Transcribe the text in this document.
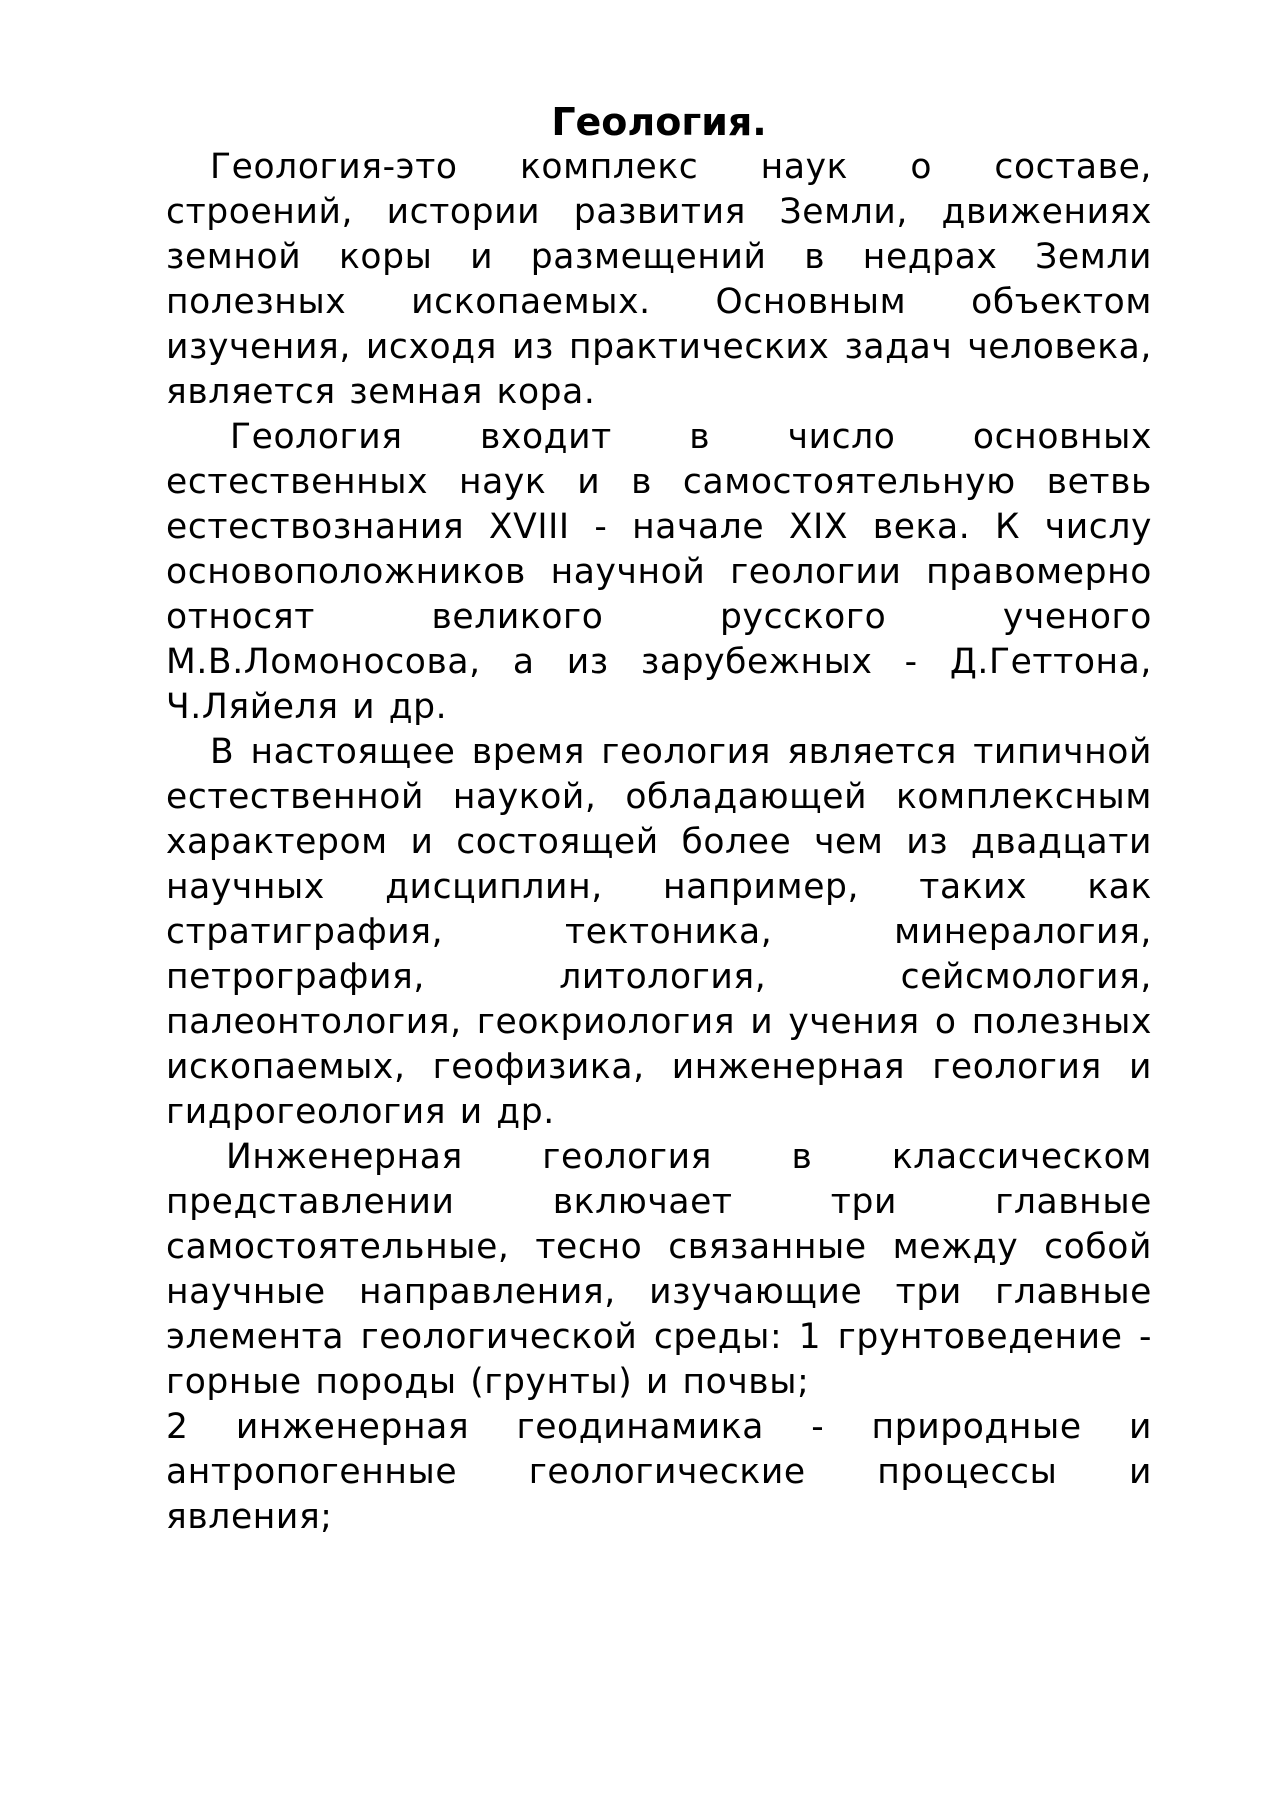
Геология.

Геология-это комплекс наук о составе, строений, истории развития Земли, движениях земной коры и размещений в недрах Земли полезных ископаемых. Основным объектом изучения, исходя из практических задач человека, является земная кора.

Геология входит в число основных естественных наук и в самостоятельную ветвь естествознания XVIII - начале XIX века. К числу основоположников научной геологии правомерно относят великого русского ученого М.В.Ломоносова, а из зарубежных - Д.Геттона, Ч.Ляйеля и др.

В настоящее время геология является типичной естественной наукой, обладающей комплексным характером и состоящей более чем из двадцати научных дисциплин, например, таких как стратиграфия, тектоника, минералогия, петрография, литология, сейсмология, палеонтология, геокриология и учения о полезных ископаемых, геофизика, инженерная геология и гидрогеология и др.

Инженерная геология в классическом представлении включает три главные самостоятельные, тесно связанные между собой научные направления, изучающие три главные элемента геологической среды: 1 грунтоведение - горные породы (грунты) и почвы;

2 инженерная геодинамика - природные и антропогенные геологические процессы и явления;
